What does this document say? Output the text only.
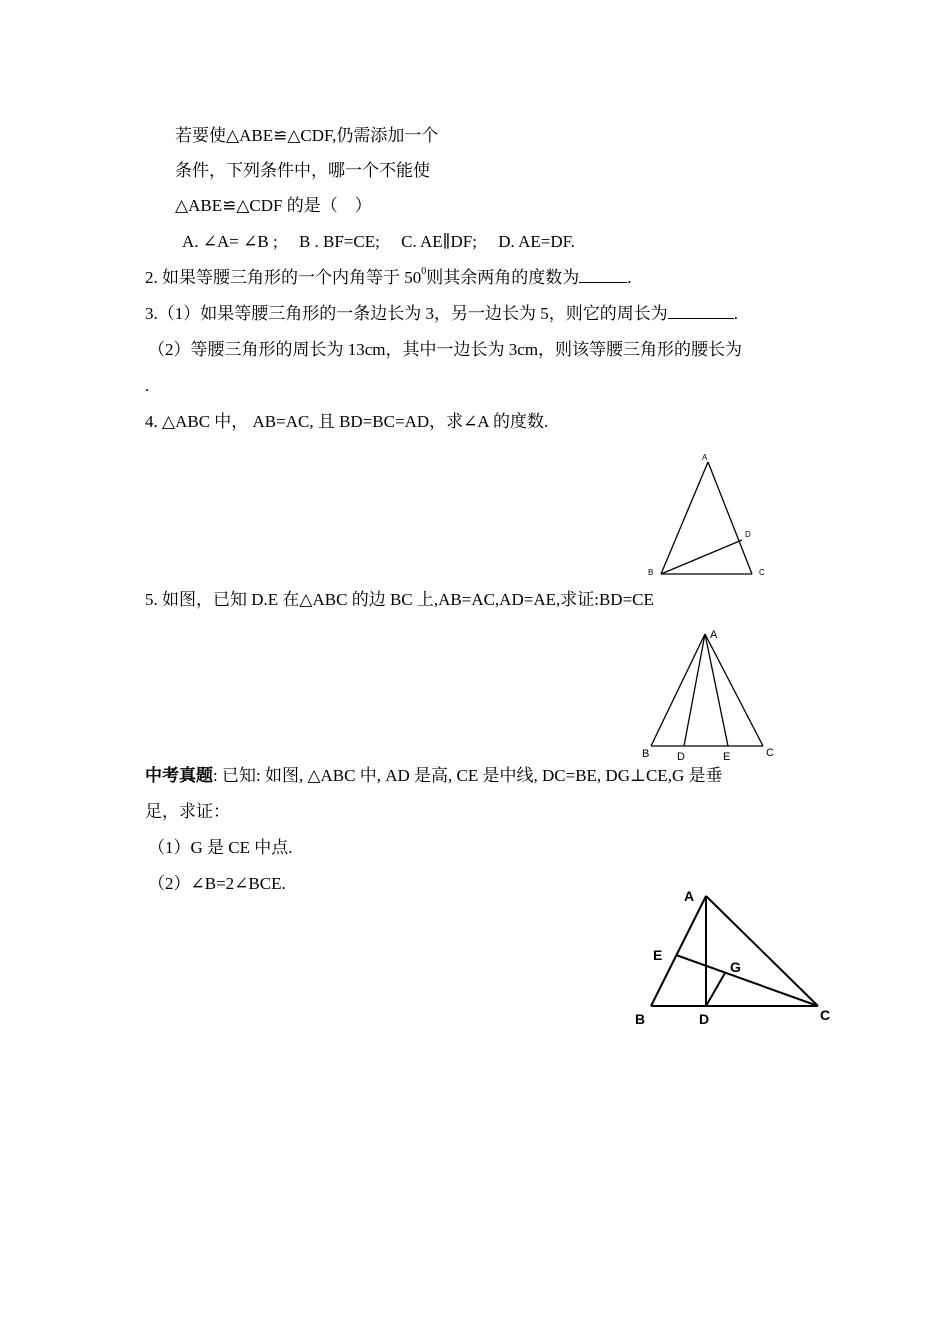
若要使△ABE≌△CDF,仍需添加一个
条件，下列条件中，哪一个不能使
△ABE≌△CDF 的是（　）
A. ∠A= ∠B ;　 B . BF=CE;　 C. AE∥DF;　 D. AE=DF.
2. 如果等腰三角形的一个内角等于 $50^0$则其余两角的度数为	.
3.（1）如果等腰三角形的一条边长为 3，另一边长为 5，则它的周长为	.
（2）等腰三角形的周长为 13cm，其中一边长为 3cm，则该等腰三角形的腰长为
.
4. △ABC 中， AB=AC, 且 BD=BC=AD，求∠A 的度数.
A
B	C
D
5. 如图，已知 D.E 在△ABC 的边 BC 上,AB=AC,AD=AE,求证:BD=CE
A
B	D	E	C
中考真题: 已知: 如图, △ABC 中, AD 是高, CE 是中线, DC=BE, DG⊥CE,G 是垂
足，求证：
（1）G 是 CE 中点.
（2）∠B=2∠BCE.
A
E
G
B	D	C
